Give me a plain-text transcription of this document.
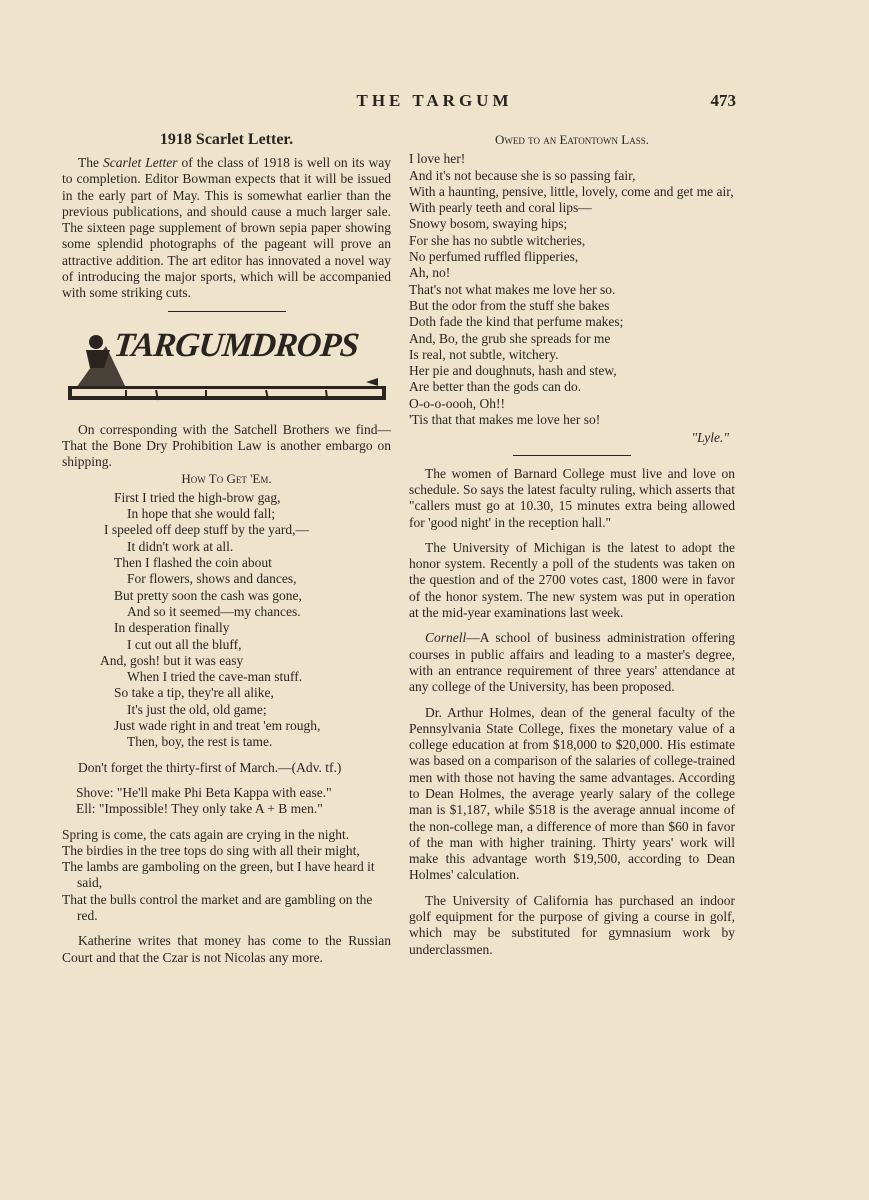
THE TARGUM	473
1918 Scarlet Letter.

The Scarlet Letter of the class of 1918 is well on its way to completion. Editor Bowman expects that it will be issued in the early part of May. This is somewhat earlier than the previous publications, and should cause a much larger sale. The sixteen page supplement of brown sepia paper showing some splendid photographs of the pageant will prove an attractive addition. The art editor has innovated a novel way of introducing the major sports, which will be accompanied with some striking cuts.

TARGUMDROPS

On corresponding with the Satchell Brothers we find—That the Bone Dry Prohibition Law is another embargo on shipping.

How To Get 'Em.
First I tried the high-brow gag,
In hope that she would fall;
I speeled off deep stuff by the yard,—
It didn't work at all.
Then I flashed the coin about
For flowers, shows and dances,
But pretty soon the cash was gone,
And so it seemed—my chances.
In desperation finally
I cut out all the bluff,
And, gosh! but it was easy
When I tried the cave-man stuff.
So take a tip, they're all alike,
It's just the old, old game;
Just wade right in and treat 'em rough,
Then, boy, the rest is tame.

Don't forget the thirty-first of March.—(Adv. tf.)

Shove: "He'll make Phi Beta Kappa with ease."
Ell: "Impossible! They only take A + B men."
Spring is come, the cats again are crying in the night.
The birdies in the tree tops do sing with all their might,
The lambs are gamboling on the green, but I have heard it said,
That the bulls control the market and are gambling on the red.

Katherine writes that money has come to the Russian Court and that the Czar is not Nicolas any more.

Owed to an Eatontown Lass.
I love her!
And it's not because she is so passing fair,
With a haunting, pensive, little, lovely, come and get me air,
With pearly teeth and coral lips—
Snowy bosom, swaying hips;
For she has no subtle witcheries,
No perfumed ruffled flipperies,
Ah, no!
That's not what makes me love her so.
But the odor from the stuff she bakes
Doth fade the kind that perfume makes;
And, Bo, the grub she spreads for me
Is real, not subtle, witchery.
Her pie and doughnuts, hash and stew,
Are better than the gods can do.
O-o-o-oooh, Oh!!
'Tis that that makes me love her so!
"Lyle."

The women of Barnard College must live and love on schedule. So says the latest faculty ruling, which asserts that "callers must go at 10.30, 15 minutes extra being allowed for 'good night' in the reception hall."

The University of Michigan is the latest to adopt the honor system. Recently a poll of the students was taken on the question and of the 2700 votes cast, 1800 were in favor of the honor system. The new system was put in operation at the mid-year examinations last week.

Cornell—A school of business administration offering courses in public affairs and leading to a master's degree, with an entrance requirement of three years' attendance at any college of the University, has been proposed.

Dr. Arthur Holmes, dean of the general faculty of the Pennsylvania State College, fixes the monetary value of a college education at from $18,000 to $20,000. His estimate was based on a comparison of the salaries of college-trained men with those not having the same advantages. According to Dean Holmes, the average yearly salary of the college man is $1,187, while $518 is the average annual income of the non-college man, a difference of more than $60 in favor of the man with higher training. Thirty years' work will make this advantage worth $19,500, according to Dean Holmes' calculation.

The University of California has purchased an indoor golf equipment for the purpose of giving a course in golf, which may be substituted for gymnasium work by underclassmen.
